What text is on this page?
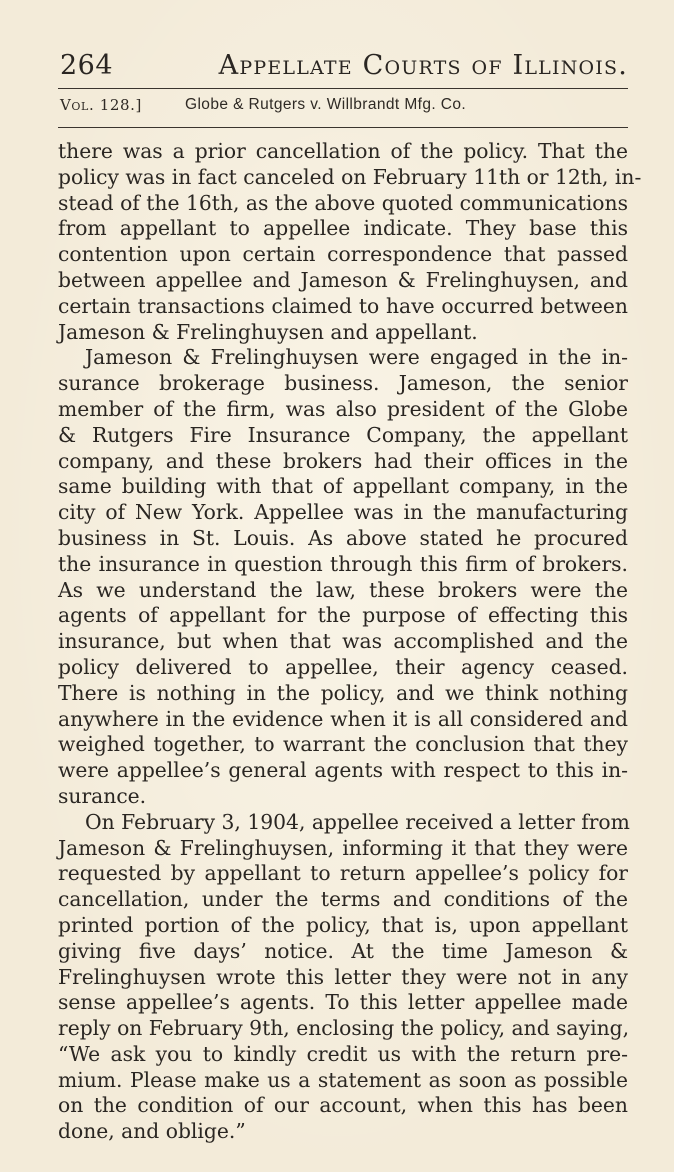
264	Appellate Courts of Illinois.
Vol. 128.]	Globe & Rutgers v. Willbrandt Mfg. Co.
there was a prior cancellation of the policy. That the
policy was in fact canceled on February 11th or 12th, in-
stead of the 16th, as the above quoted communications
from appellant to appellee indicate. They base this
contention upon certain correspondence that passed
between appellee and Jameson & Frelinghuysen, and
certain transactions claimed to have occurred between
Jameson & Frelinghuysen and appellant.
Jameson & Frelinghuysen were engaged in the in-
surance brokerage business. Jameson, the senior
member of the firm, was also president of the Globe
& Rutgers Fire Insurance Company, the appellant
company, and these brokers had their offices in the
same building with that of appellant company, in the
city of New York. Appellee was in the manufacturing
business in St. Louis. As above stated he procured
the insurance in question through this firm of brokers.
As we understand the law, these brokers were the
agents of appellant for the purpose of effecting this
insurance, but when that was accomplished and the
policy delivered to appellee, their agency ceased.
There is nothing in the policy, and we think nothing
anywhere in the evidence when it is all considered and
weighed together, to warrant the conclusion that they
were appellee’s general agents with respect to this in-
surance.
On February 3, 1904, appellee received a letter from
Jameson & Frelinghuysen, informing it that they were
requested by appellant to return appellee’s policy for
cancellation, under the terms and conditions of the
printed portion of the policy, that is, upon appellant
giving five days’ notice. At the time Jameson &
Frelinghuysen wrote this letter they were not in any
sense appellee’s agents. To this letter appellee made
reply on February 9th, enclosing the policy, and saying,
“We ask you to kindly credit us with the return pre-
mium. Please make us a statement as soon as possible
on the condition of our account, when this has been
done, and oblige.”
